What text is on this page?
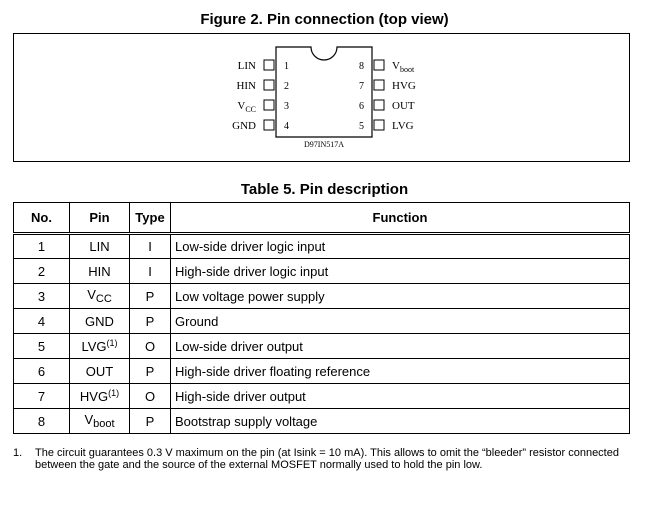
Figure 2. Pin connection (top view)
1
LIN
2
HIN
3
$V_{CC}$
4
GND
8	$V_{boot}$
7	HVG
6	OUT
5	LVG
D97IN517A
Table 5. Pin description
No.	Pin	Type	Function
1	LIN	I	Low-side driver logic input
2	HIN	I	High-side driver logic input
3	$V_{CC}$	P	Low voltage power supply
4	GND	P	Ground
5	LVG$^{(1)}$	O	Low-side driver output
6	OUT	P	High-side driver floating reference
7	HVG$^{(1)}$	O	High-side driver output
8	$V_{boot}$	P	Bootstrap supply voltage
1. The circuit guarantees 0.3 V maximum on the pin (at Isink = 10 mA). This allows to omit the “bleeder” resistor connected between the gate and the source of the external MOSFET normally used to hold the pin low.
